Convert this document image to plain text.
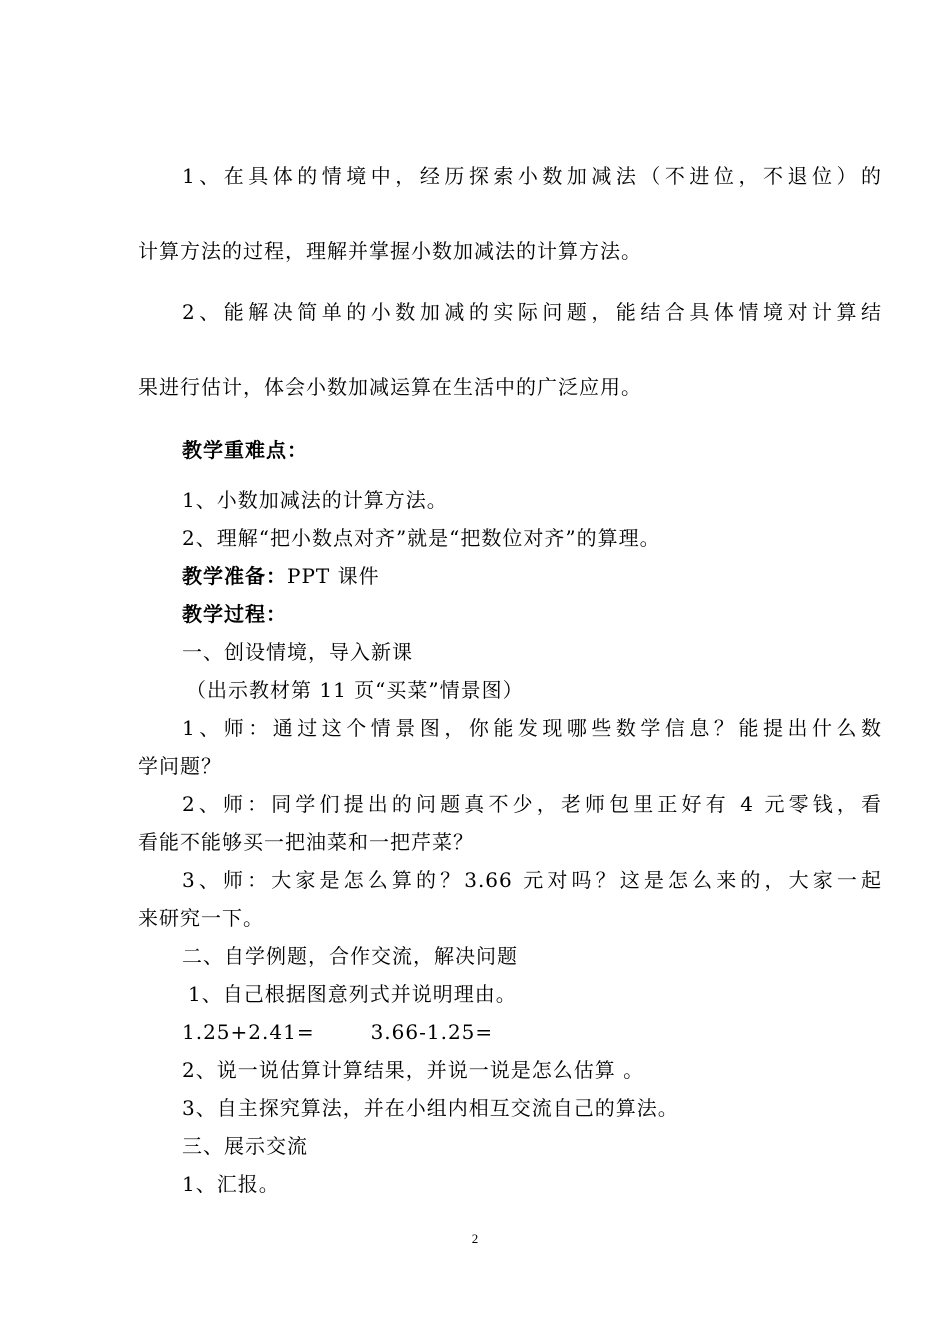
1、在具体的情境中，经历探索小数加减法（不进位，不退位）的
计算方法的过程，理解并掌握小数加减法的计算方法。
2、能解决简单的小数加减的实际问题，能结合具体情境对计算结
果进行估计，体会小数加减运算在生活中的广泛应用。
教学重难点：
1、小数加减法的计算方法。
2、理解“把小数点对齐”就是“把数位对齐”的算理。
教学准备：PPT 课件
教学过程：
一、创设情境，导入新课
（出示教材第 11 页“买菜”情景图）
1、师：通过这个情景图，你能发现哪些数学信息？能提出什么数
学问题？
2、师：同学们提出的问题真不少，老师包里正好有 4 元零钱，看
看能不能够买一把油菜和一把芹菜？
3、师：大家是怎么算的？3.66 元对吗？这是怎么来的，大家一起
来研究一下。
二、自学例题，合作交流，解决问题
1、自己根据图意列式并说明理由。
1.25+2.41=	3.66-1.25=
2、说一说估算计算结果，并说一说是怎么估算 。
3、自主探究算法，并在小组内相互交流自己的算法。
三、展示交流
1、汇报。
2
